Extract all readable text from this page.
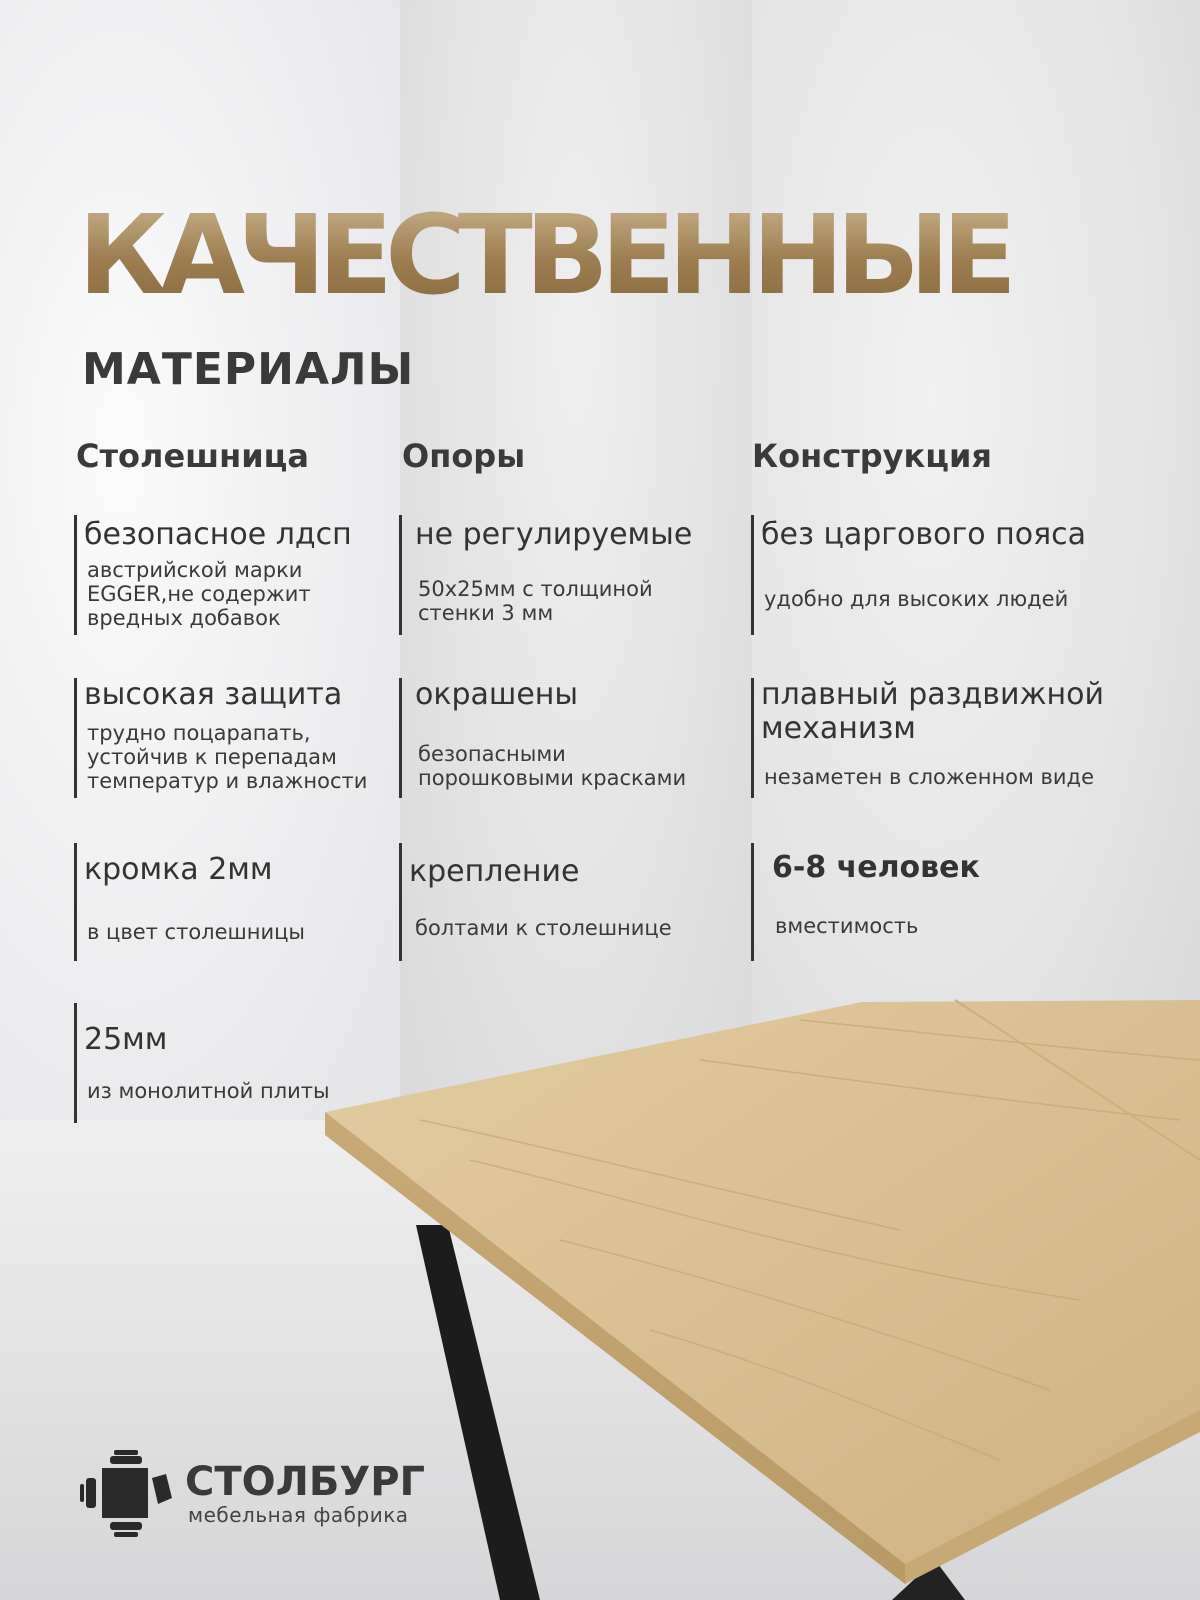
КАЧЕСТВЕННЫЕ
МАТЕРИАЛЫ
Столешница	Опоры	Конструкция
безопасное лдсп
австрийской марки
EGGER,не содержит
вредных добавок
высокая защита
трудно поцарапать,
устойчив к перепадам
температур и влажности
кромка 2мм
в цвет столешницы
25мм
из монолитной плиты
не регулируемые
50х25мм с толщиной
стенки 3 мм
окрашены
безопасными
порошковыми красками
крепление
болтами к столешнице
без царгового пояса
удобно для высоких людей
плавный раздвижной
механизм
незаметен в сложенном виде
6-8 человек
вместимость
СТОЛБУРГ
мебельная фабрика
